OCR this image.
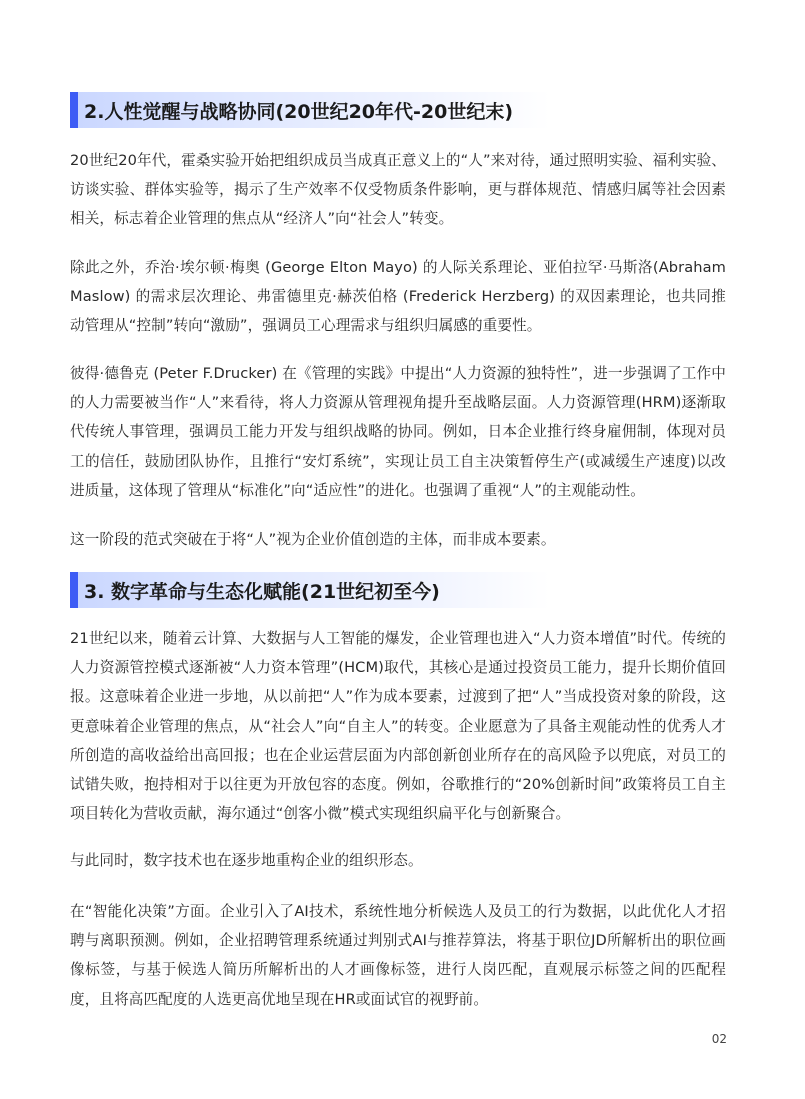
2.人性觉醒与战略协同(20世纪20年代-20世纪末)

20世纪20年代，霍桑实验开始把组织成员当成真正意义上的“人”来对待，通过照明实验、福利实验、访谈实验、群体实验等，揭示了生产效率不仅受物质条件影响，更与群体规范、情感归属等社会因素相关，标志着企业管理的焦点从“经济人”向“社会人”转变。

除此之外，乔治·埃尔顿·梅奥 (George Elton Mayo) 的人际关系理论、亚伯拉罕·马斯洛(Abraham Maslow) 的需求层次理论、弗雷德里克·赫茨伯格 (Frederick Herzberg) 的双因素理论，也共同推动管理从“控制”转向“激励”，强调员工心理需求与组织归属感的重要性。

彼得·德鲁克 (Peter F.Drucker) 在《管理的实践》中提出“人力资源的独特性”，进一步强调了工作中的人力需要被当作“人”来看待，将人力资源从管理视角提升至战略层面。人力资源管理(HRM)逐渐取代传统人事管理，强调员工能力开发与组织战略的协同。例如，日本企业推行终身雇佣制，体现对员工的信任，鼓励团队协作，且推行“安灯系统”，实现让员工自主决策暂停生产(或减缓生产速度)以改进质量，这体现了管理从“标准化”向“适应性”的进化。也强调了重视“人”的主观能动性。

这一阶段的范式突破在于将“人”视为企业价值创造的主体，而非成本要素。

3. 数字革命与生态化赋能(21世纪初至今)

21世纪以来，随着云计算、大数据与人工智能的爆发，企业管理也进入“人力资本增值”时代。传统的人力资源管控模式逐渐被“人力资本管理”(HCM)取代，其核心是通过投资员工能力，提升长期价值回报。这意味着企业进一步地，从以前把“人”作为成本要素，过渡到了把“人”当成投资对象的阶段，这更意味着企业管理的焦点，从“社会人”向“自主人”的转变。企业愿意为了具备主观能动性的优秀人才所创造的高收益给出高回报；也在企业运营层面为内部创新创业所存在的高风险予以兜底，对员工的试错失败，抱持相对于以往更为开放包容的态度。例如，谷歌推行的“20%创新时间”政策将员工自主项目转化为营收贡献，海尔通过“创客小微”模式实现组织扁平化与创新聚合。

与此同时，数字技术也在逐步地重构企业的组织形态。

在“智能化决策”方面。企业引入了AI技术，系统性地分析候选人及员工的行为数据，以此优化人才招聘与离职预测。例如，企业招聘管理系统通过判别式AI与推荐算法，将基于职位JD所解析出的职位画像标签，与基于候选人简历所解析出的人才画像标签，进行人岗匹配，直观展示标签之间的匹配程度，且将高匹配度的人选更高优地呈现在HR或面试官的视野前。

02
